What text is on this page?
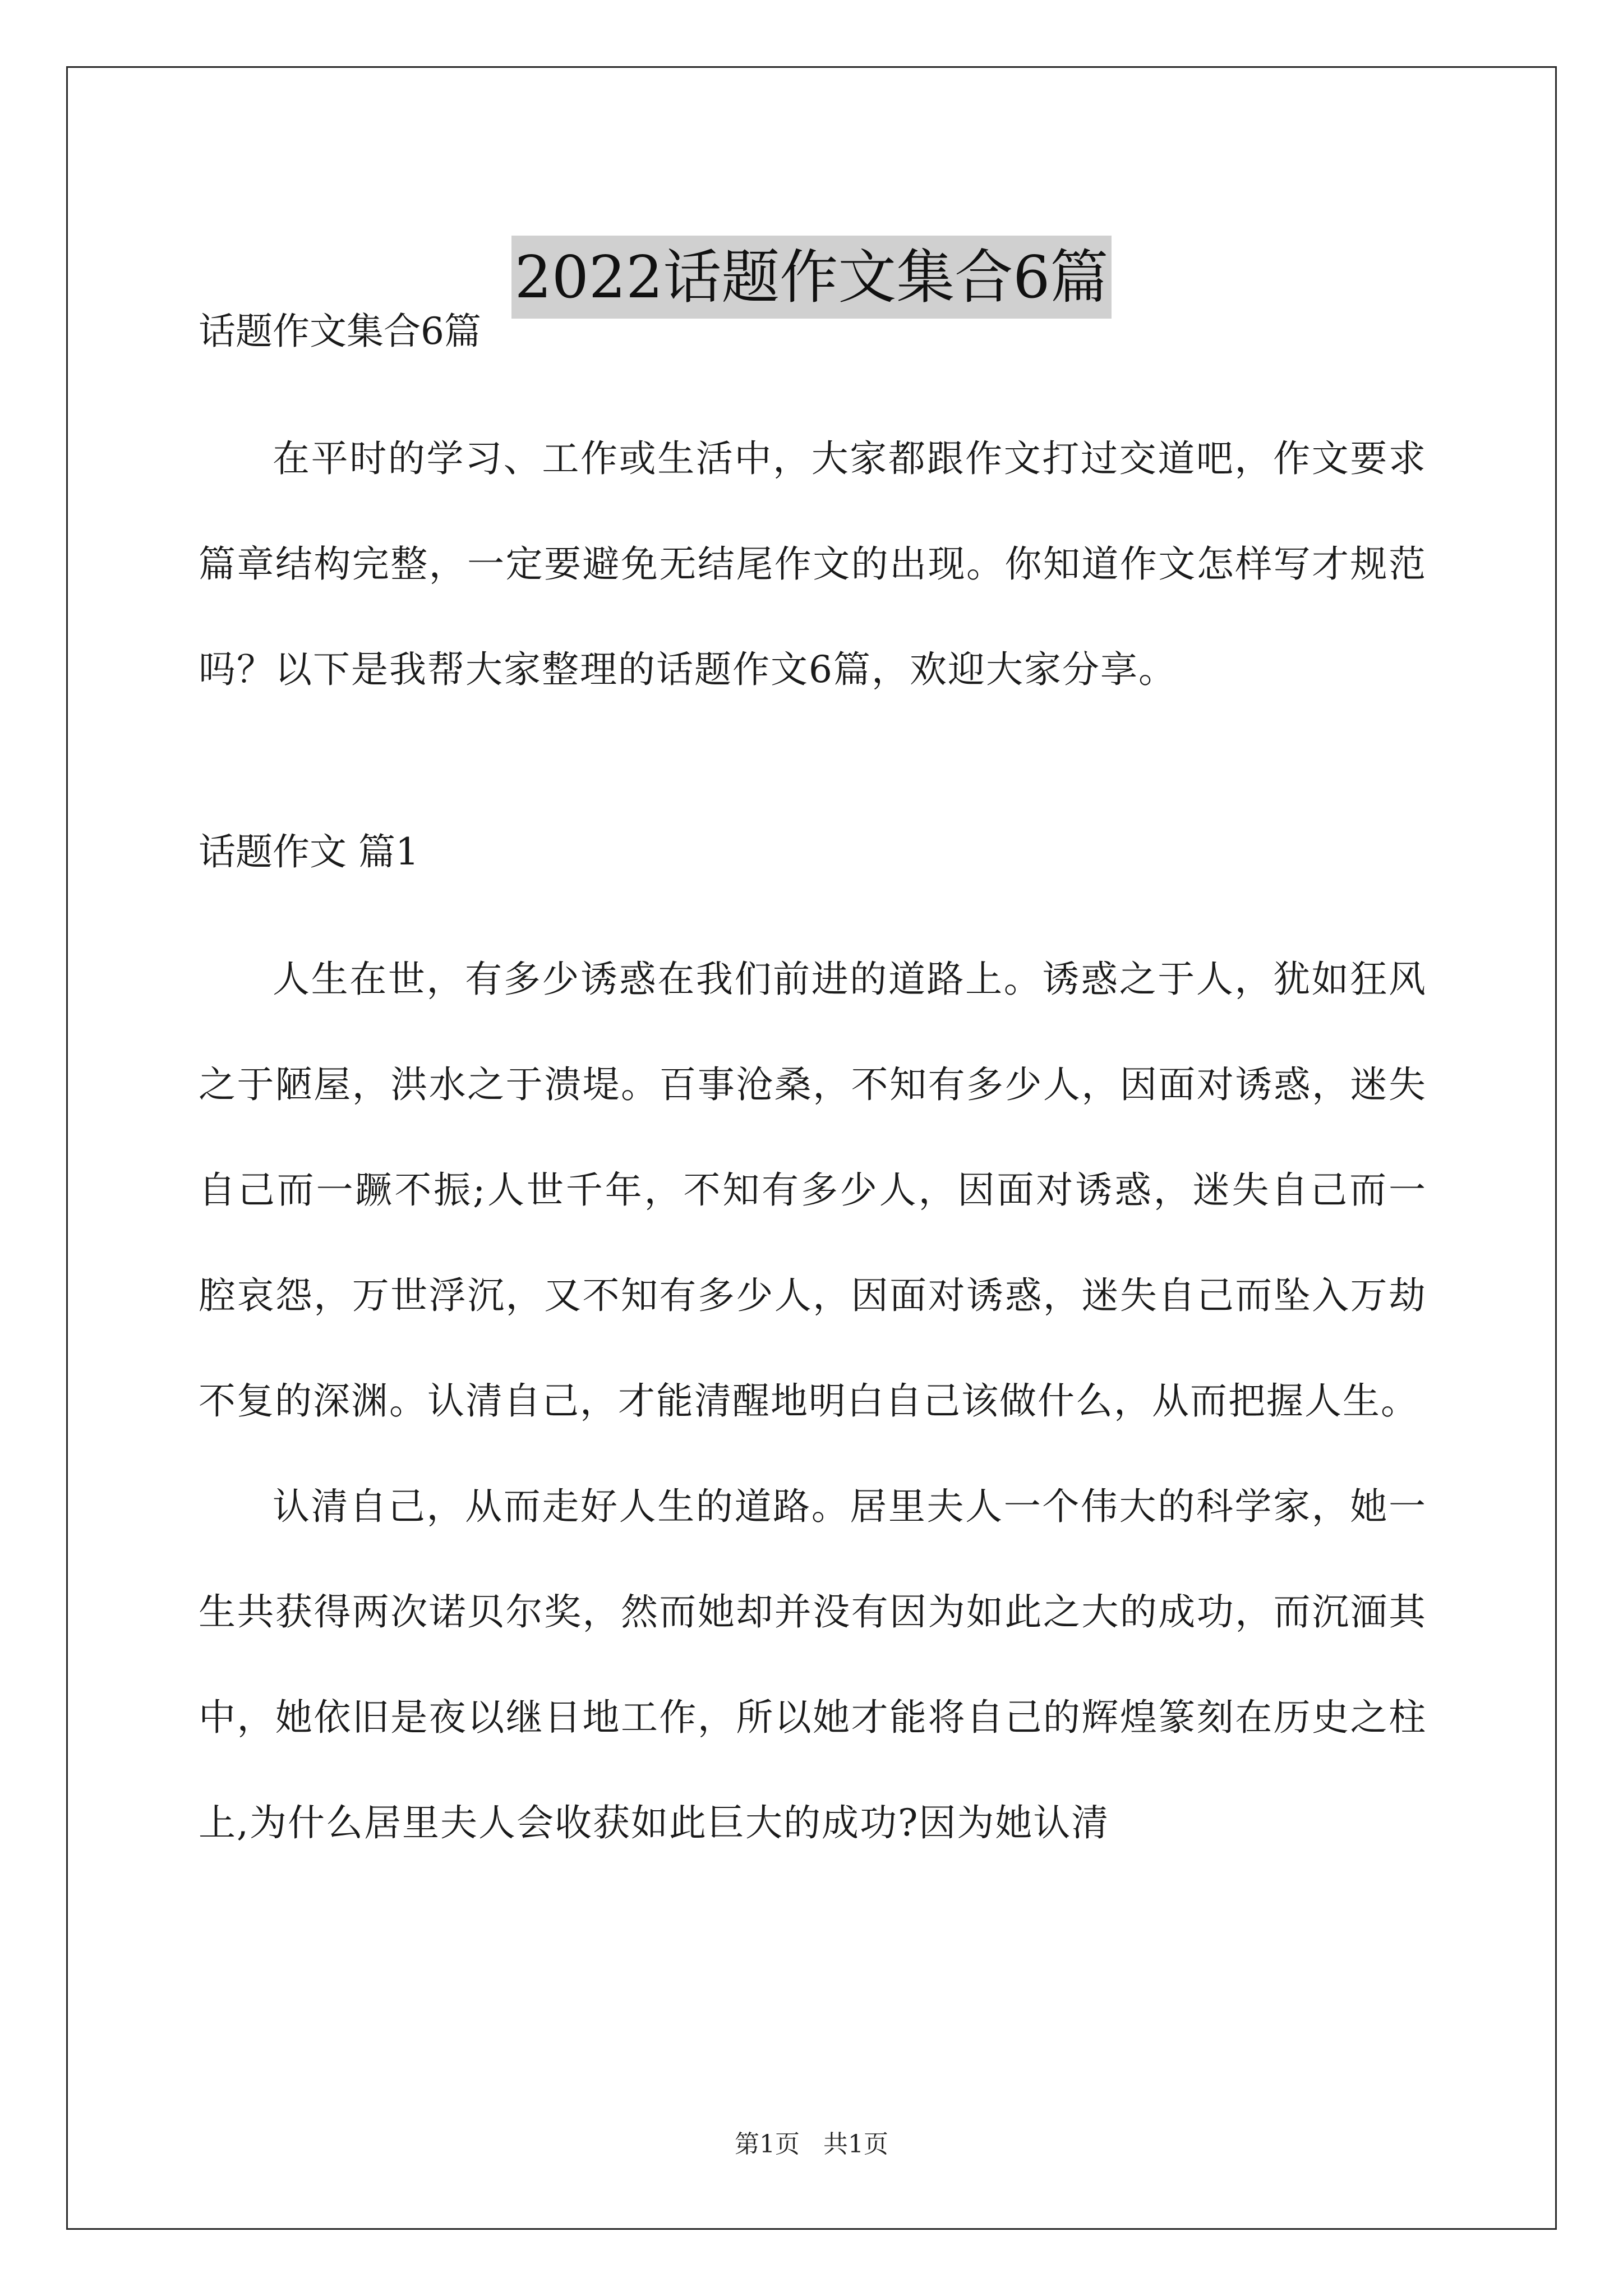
2022话题作文集合6篇

话题作文集合6篇

在平时的学习、工作或生活中，大家都跟作文打过交道吧，作文要求篇章结构完整，一定要避免无结尾作文的出现。你知道作文怎样写才规范吗？以下是我帮大家整理的话题作文6篇，欢迎大家分享。

话题作文 篇1

人生在世，有多少诱惑在我们前进的道路上。诱惑之于人，犹如狂风之于陋屋，洪水之于溃堤。百事沧桑，不知有多少人，因面对诱惑，迷失自己而一蹶不振;人世千年，不知有多少人，因面对诱惑，迷失自己而一腔哀怨，万世浮沉，又不知有多少人，因面对诱惑，迷失自己而坠入万劫不复的深渊。认清自己，才能清醒地明白自己该做什么，从而把握人生。

认清自己，从而走好人生的道路。居里夫人一个伟大的科学家，她一生共获得两次诺贝尔奖，然而她却并没有因为如此之大的成功，而沉湎其中，她依旧是夜以继日地工作，所以她才能将自己的辉煌篆刻在历史之柱上,为什么居里夫人会收获如此巨大的成功?因为她认清

第1页 共1页
